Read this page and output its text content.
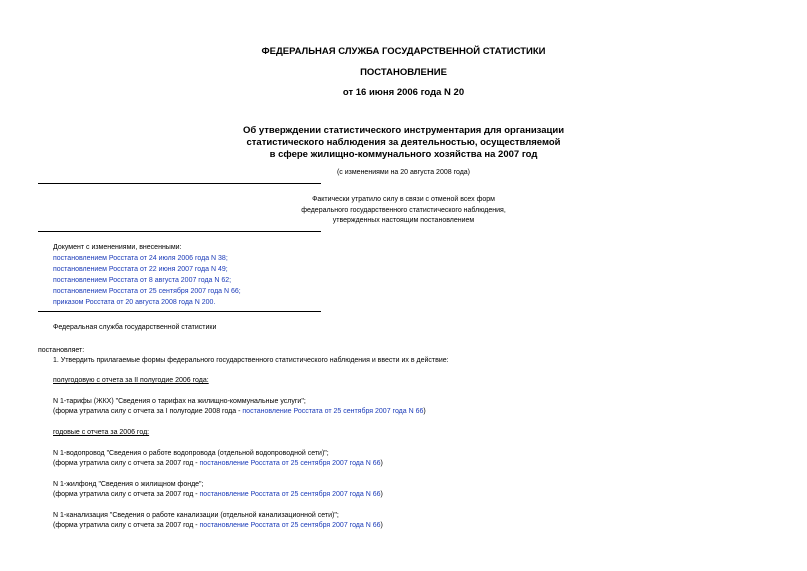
ФЕДЕРАЛЬНАЯ СЛУЖБА ГОСУДАРСТВЕННОЙ СТАТИСТИКИ
ПОСТАНОВЛЕНИЕ
от 16 июня 2006 года N 20
Об утверждении статистического инструментария для организации
статистического наблюдения за деятельностью, осуществляемой
в сфере жилищно-коммунального хозяйства на 2007 год
(с изменениями на 20 августа 2008 года)
Фактически утратило силу в связи с отменой всех форм
федерального государственного статистического наблюдения,
утвержденных настоящим постановлением
Документ с изменениями, внесенными:
постановлением Росстата от 24 июля 2006 года N 38;
постановлением Росстата от 22 июня 2007 года N 49;
постановлением Росстата от 8 августа 2007 года N 62;
постановлением Росстата от 25 сентября 2007 года N 66;
приказом Росстата от 20 августа 2008 года N 200.
Федеральная служба государственной статистики
постановляет:
1. Утвердить прилагаемые формы федерального государственного статистического наблюдения и ввести их в действие:
полугодовую с отчета за II полугодие 2006 года:
N 1-тарифы (ЖКХ) "Сведения о тарифах на жилищно-коммунальные услуги";
(форма утратила силу с отчета за I полугодие 2008 года - постановление Росстата от 25 сентября 2007 года N 66)
годовые с отчета за 2006 год:
N 1-водопровод "Сведения о работе водопровода (отдельной водопроводной сети)";
(форма утратила силу с отчета за 2007 год - постановление Росстата от 25 сентября 2007 года N 66)
N 1-жилфонд "Сведения о жилищном фонде";
(форма утратила силу с отчета за 2007 год - постановление Росстата от 25 сентября 2007 года N 66)
N 1-канализация "Сведения о работе канализации (отдельной канализационной сети)";
(форма утратила силу с отчета за 2007 год - постановление Росстата от 25 сентября 2007 года N 66)
